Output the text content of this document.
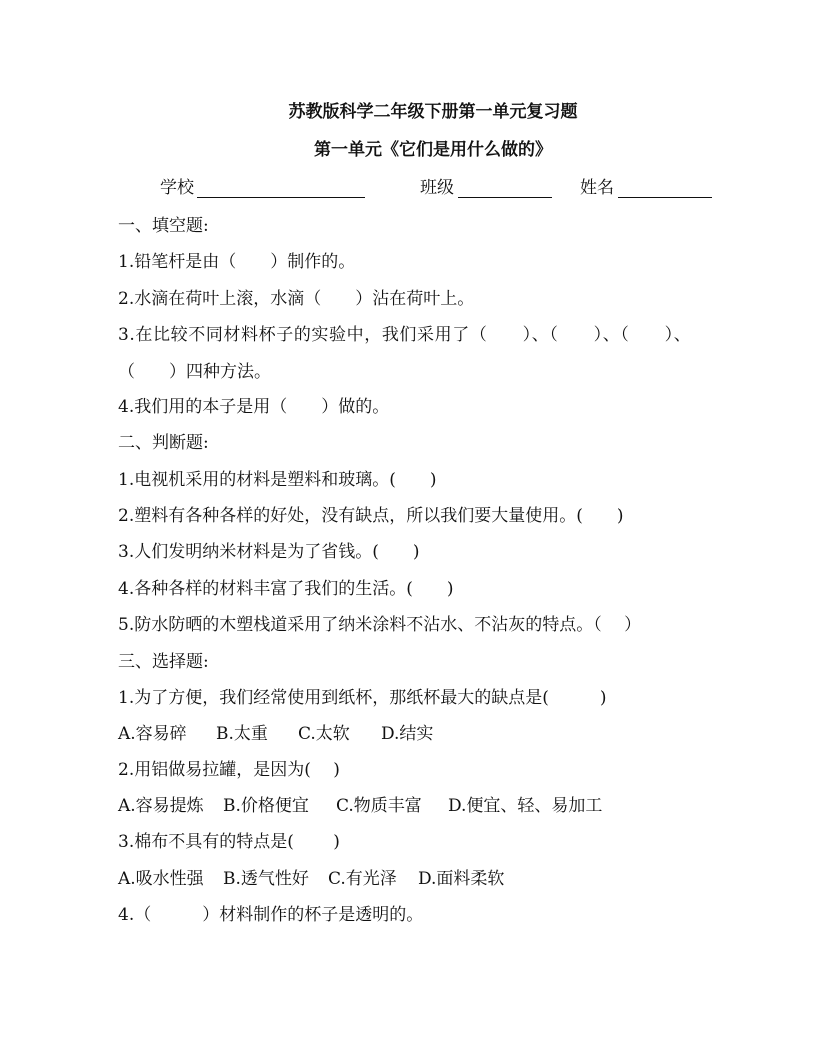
苏教版科学二年级下册第一单元复习题
第一单元《它们是用什么做的》
学校	班级	姓名
一、填空题:
1.铅笔杆是由（　　）制作的。
2.水滴在荷叶上滚，水滴（　　）沾在荷叶上。
3.在比较不同材料杯子的实验中，我们采用了（　　）、（　　）、（　　）、
（　　）四种方法。
4.我们用的本子是用（　　）做的。
二、判断题:
1.电视机采用的材料是塑料和玻璃。(　　)
2.塑料有各种各样的好处，没有缺点，所以我们要大量使用。(　　)
3.人们发明纳米材料是为了省钱。(　　)
4.各种各样的材料丰富了我们的生活。(　　)
5.防水防晒的木塑栈道采用了纳米涂料不沾水、不沾灰的特点。（　 ）
三、选择题:
1.为了方便，我们经常使用到纸杯，那纸杯最大的缺点是(　　　)
A.容易碎 B.太重 C.太软 D.结实
2.用铝做易拉罐，是因为(　 )
A.容易提炼 B.价格便宜 C.物质丰富 D.便宜、轻、易加工
3.棉布不具有的特点是(　　 )
A.吸水性强 B.透气性好 C.有光泽 D.面料柔软
4.（　　　）材料制作的杯子是透明的。
